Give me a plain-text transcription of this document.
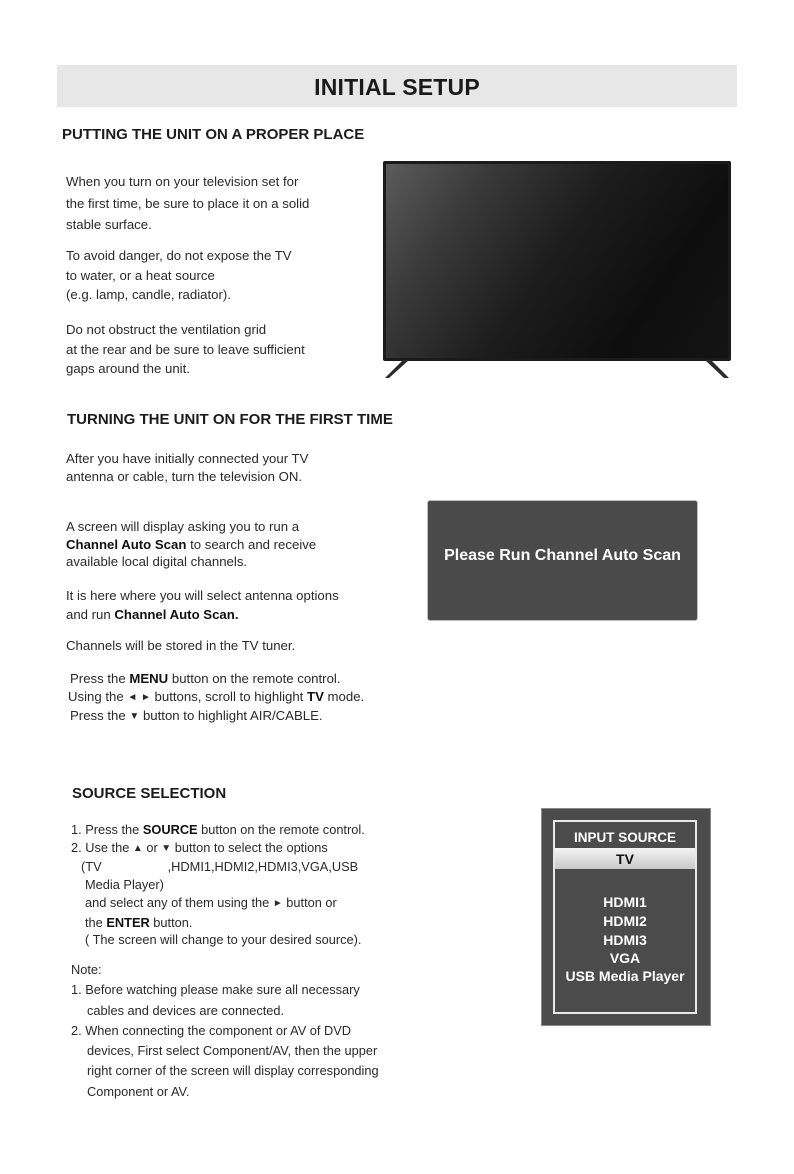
INITIAL SETUP
PUTTING THE UNIT ON A PROPER PLACE
When you turn on your television set for
the first time, be sure to place it on a solid
stable surface.
To avoid danger, do not expose the TV
to water, or a heat source
(e.g. lamp, candle, radiator).
Do not obstruct the ventilation grid
at the rear and be sure to leave sufficient
gaps around the unit.
TURNING THE UNIT ON FOR THE FIRST TIME
After you have initially connected your TV
antenna or cable, turn the television ON.
A screen will display asking you to run a
Channel Auto Scan to search and receive
available local digital channels.
It is here where you will select antenna options
and run Channel Auto Scan.
Channels will be stored in the TV tuner.
Press the MENU button on the remote control.
Using the ◄ ► buttons, scroll to highlight TV mode.
Press the ▼ button to highlight AIR/CABLE.
Please Run Channel Auto Scan
SOURCE SELECTION
1. Press the SOURCE button on the remote control.
2. Use the ▲ or ▼ button to select the options
(TV	,HDMI1,HDMI2,HDMI3,VGA,USB
Media Player)
and select any of them using the ► button or
the ENTER button.
( The screen will change to your desired source).
Note:
1. Before watching please make sure all necessary
cables and devices are connected.
2. When connecting the component or AV of DVD
devices, First select Component/AV, then the upper
right corner of the screen will display corresponding
Component or AV.
INPUT SOURCE
TV
HDMI1
HDMI2
HDMI3
VGA
USB Media Player
